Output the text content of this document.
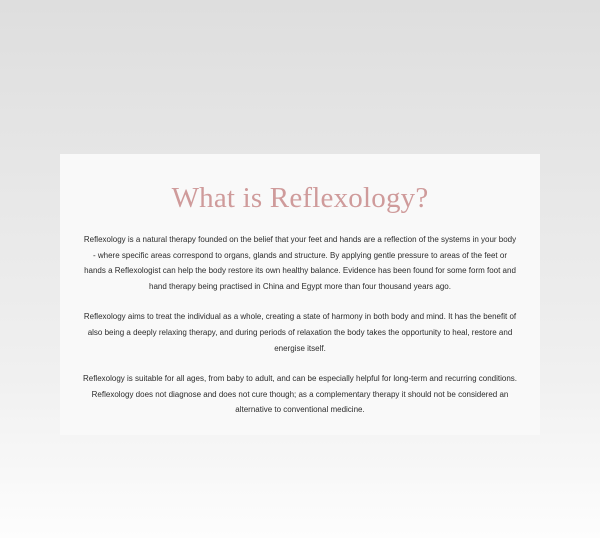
What is Reflexology?

Reflexology is a natural therapy founded on the belief that your feet and hands are a reflection of the systems in your body - where specific areas correspond to organs, glands and structure. By applying gentle pressure to areas of the feet or hands a Reflexologist can help the body restore its own healthy balance. Evidence has been found for some form foot and hand therapy being practised in China and Egypt more than four thousand years ago.

Reflexology aims to treat the individual as a whole, creating a state of harmony in both body and mind. It has the benefit of also being a deeply relaxing therapy, and during periods of relaxation the body takes the opportunity to heal, restore and energise itself.

Reflexology is suitable for all ages, from baby to adult, and can be especially helpful for long-term and recurring conditions. Reflexology does not diagnose and does not cure though; as a complementary therapy it should not be considered an alternative to conventional medicine.
